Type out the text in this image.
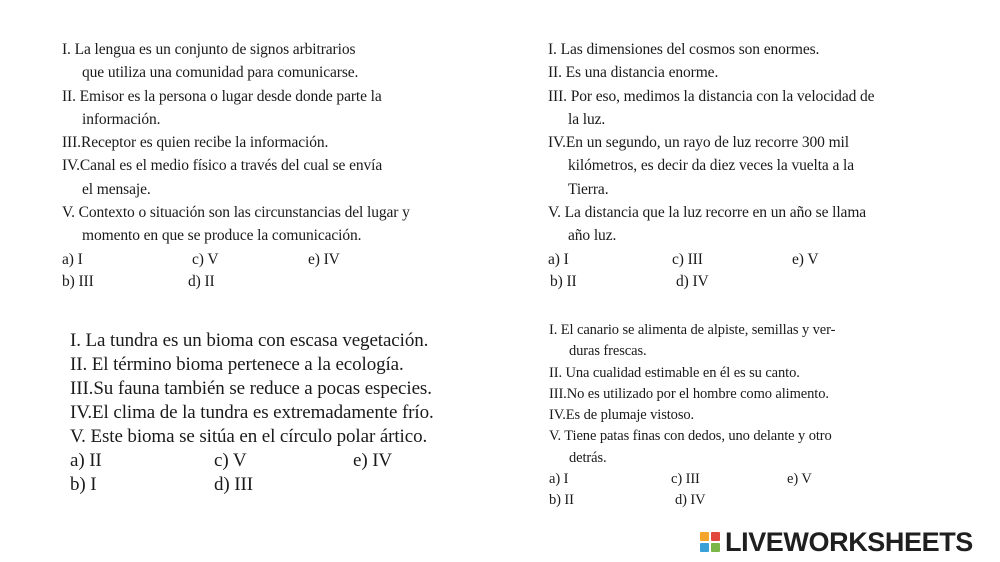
I. La lengua es un conjunto de signos arbitrarios
que utiliza una comunidad para comunicarse.
II. Emisor es la persona o lugar desde donde parte la
información.
III.Receptor es quien recibe la información.
IV.Canal es el medio físico a través del cual se envía
el mensaje.
V. Contexto o situación son las circunstancias del lugar y
momento en que se produce la comunicación.
a) I	c) V	e) IV
b) III	d) II
I. Las dimensiones del cosmos son enormes.
II. Es una distancia enorme.
III. Por eso, medimos la distancia con la velocidad de
la luz.
IV.En un segundo, un rayo de luz recorre 300 mil
kilómetros, es decir da diez veces la vuelta a la
Tierra.
V. La distancia que la luz recorre en un año se llama
año luz.
a) I	c) III	e) V
b) II	d) IV
I. La tundra es un bioma con escasa vegetación.
II. El término bioma pertenece a la ecología.
III.Su fauna también se reduce a pocas especies.
IV.El clima de la tundra es extremadamente frío.
V. Este bioma se sitúa en el círculo polar ártico.
a) II	c) V	e) IV
b) I	d) III
I. El canario se alimenta de alpiste, semillas y ver-
duras frescas.
II. Una cualidad estimable en él es su canto.
III.No es utilizado por el hombre como alimento.
IV.Es de plumaje vistoso.
V. Tiene patas finas con dedos, uno delante y otro
detrás.
a) I	c) III	e) V
b) II	d) IV
LIVEWORKSHEETS
